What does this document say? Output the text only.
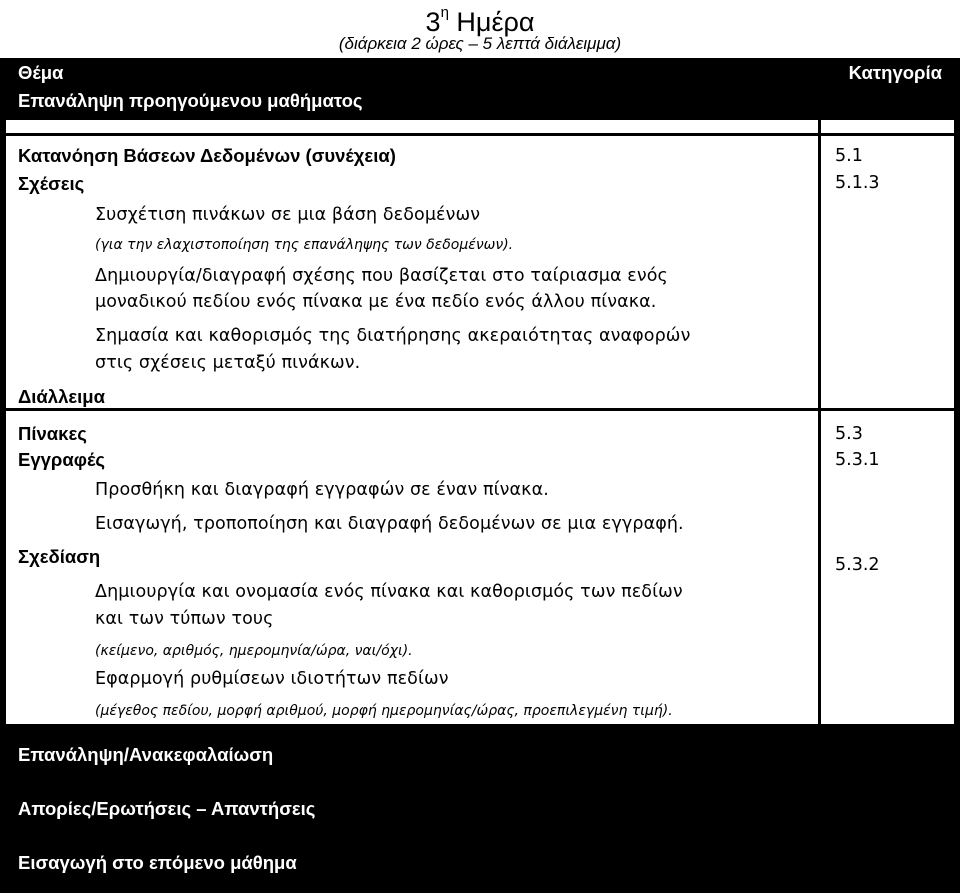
$3^\eta$ Ημέρα
(διάρκεια 2 ώρες – 5 λεπτά διάλειμμα)
Θέμα	Κατηγορία
Επανάληψη προηγούμενου μαθήματος
Κατανόηση Βάσεων Δεδομένων (συνέχεια)
Σχέσεις
Συσχέτιση πινάκων σε μια βάση δεδομένων
(για την ελαχιστοποίηση της επανάληψης των δεδομένων).
Δημιουργία/διαγραφή σχέσης που βασίζεται στο ταίριασμα ενός
μοναδικού πεδίου ενός πίνακα με ένα πεδίο ενός άλλου πίνακα.
Σημασία και καθορισμός της διατήρησης ακεραιότητας αναφορών
στις σχέσεις μεταξύ πινάκων.
5.1
5.1.3
Διάλλειμα
Πίνακες
Εγγραφές
Προσθήκη και διαγραφή εγγραφών σε έναν πίνακα.
Εισαγωγή, τροποποίηση και διαγραφή δεδομένων σε μια εγγραφή.
Σχεδίαση
Δημιουργία και ονομασία ενός πίνακα και καθορισμός των πεδίων
και των τύπων τους
(κείμενο, αριθμός, ημερομηνία/ώρα, ναι/όχι).
Εφαρμογή ρυθμίσεων ιδιοτήτων πεδίων
(μέγεθος πεδίου, μορφή αριθμού, μορφή ημερομηνίας/ώρας, προεπιλεγμένη τιμή).
5.3
5.3.1
5.3.2
Επανάληψη/Ανακεφαλαίωση
Απορίες/Ερωτήσεις – Απαντήσεις
Εισαγωγή στο επόμενο μάθημα
